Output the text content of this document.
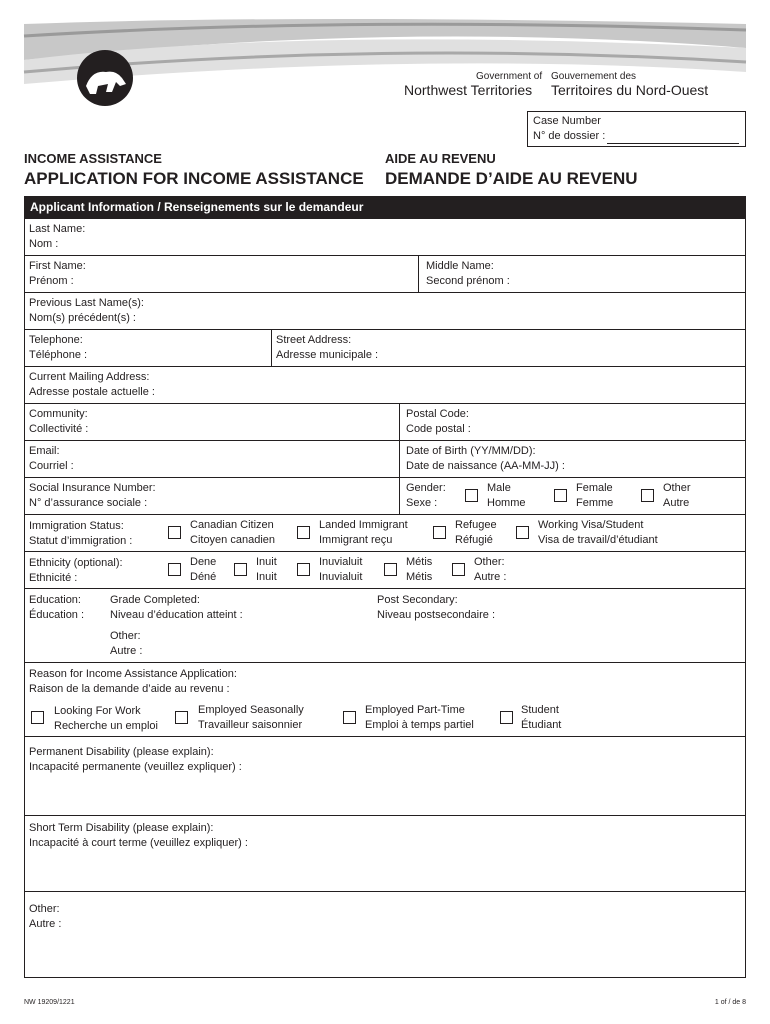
Government of Gouvernement des
Northwest Territories Territoires du Nord-Ouest
Case Number
N° de dossier :
INCOME ASSISTANCE	AIDE AU REVENU
APPLICATION FOR INCOME ASSISTANCE DEMANDE D’AIDE AU REVENU
Applicant Information / Renseignements sur le demandeur
Last Name:
Nom :
First Name:
Prénom :
Middle Name:
Second prénom :
Previous Last Name(s):
Nom(s) précédent(s) :
Telephone:
Téléphone :
Street Address:
Adresse municipale :
Current Mailing Address:
Adresse postale actuelle :
Community:
Collectivité :
Postal Code:
Code postal :
Email:
Courriel :
Date of Birth (YY/MM/DD):
Date de naissance (AA-MM-JJ) :
Social Insurance Number:
N° d’assurance sociale :
Gender:
Sexe :
Male
Homme
Female
Femme
Other
Autre
Immigration Status:
Statut d’immigration :
Canadian Citizen
Citoyen canadien
Landed Immigrant
Immigrant reçu
Refugee
Réfugié
Working Visa/Student
Visa de travail/d’étudiant
Ethnicity (optional):
Ethnicité :
Dene
Déné
Inuit
Inuit
Inuvialuit
Inuvialuit
Métis
Métis
Other:
Autre :
Education:
Éducation :
Grade Completed:
Niveau d’éducation atteint :
Post Secondary:
Niveau postsecondaire :
Other:
Autre :
Reason for Income Assistance Application:
Raison de la demande d’aide au revenu :
Looking For Work
Recherche un emploi
Employed Seasonally
Travailleur saisonnier
Employed Part-Time
Emploi à temps partiel
Student
Étudiant
Permanent Disability (please explain):
Incapacité permanente (veuillez expliquer) :
Short Term Disability (please explain):
Incapacité à court terme (veuillez expliquer) :
Other:
Autre :
NW 19209/1221	1 of / de 8
